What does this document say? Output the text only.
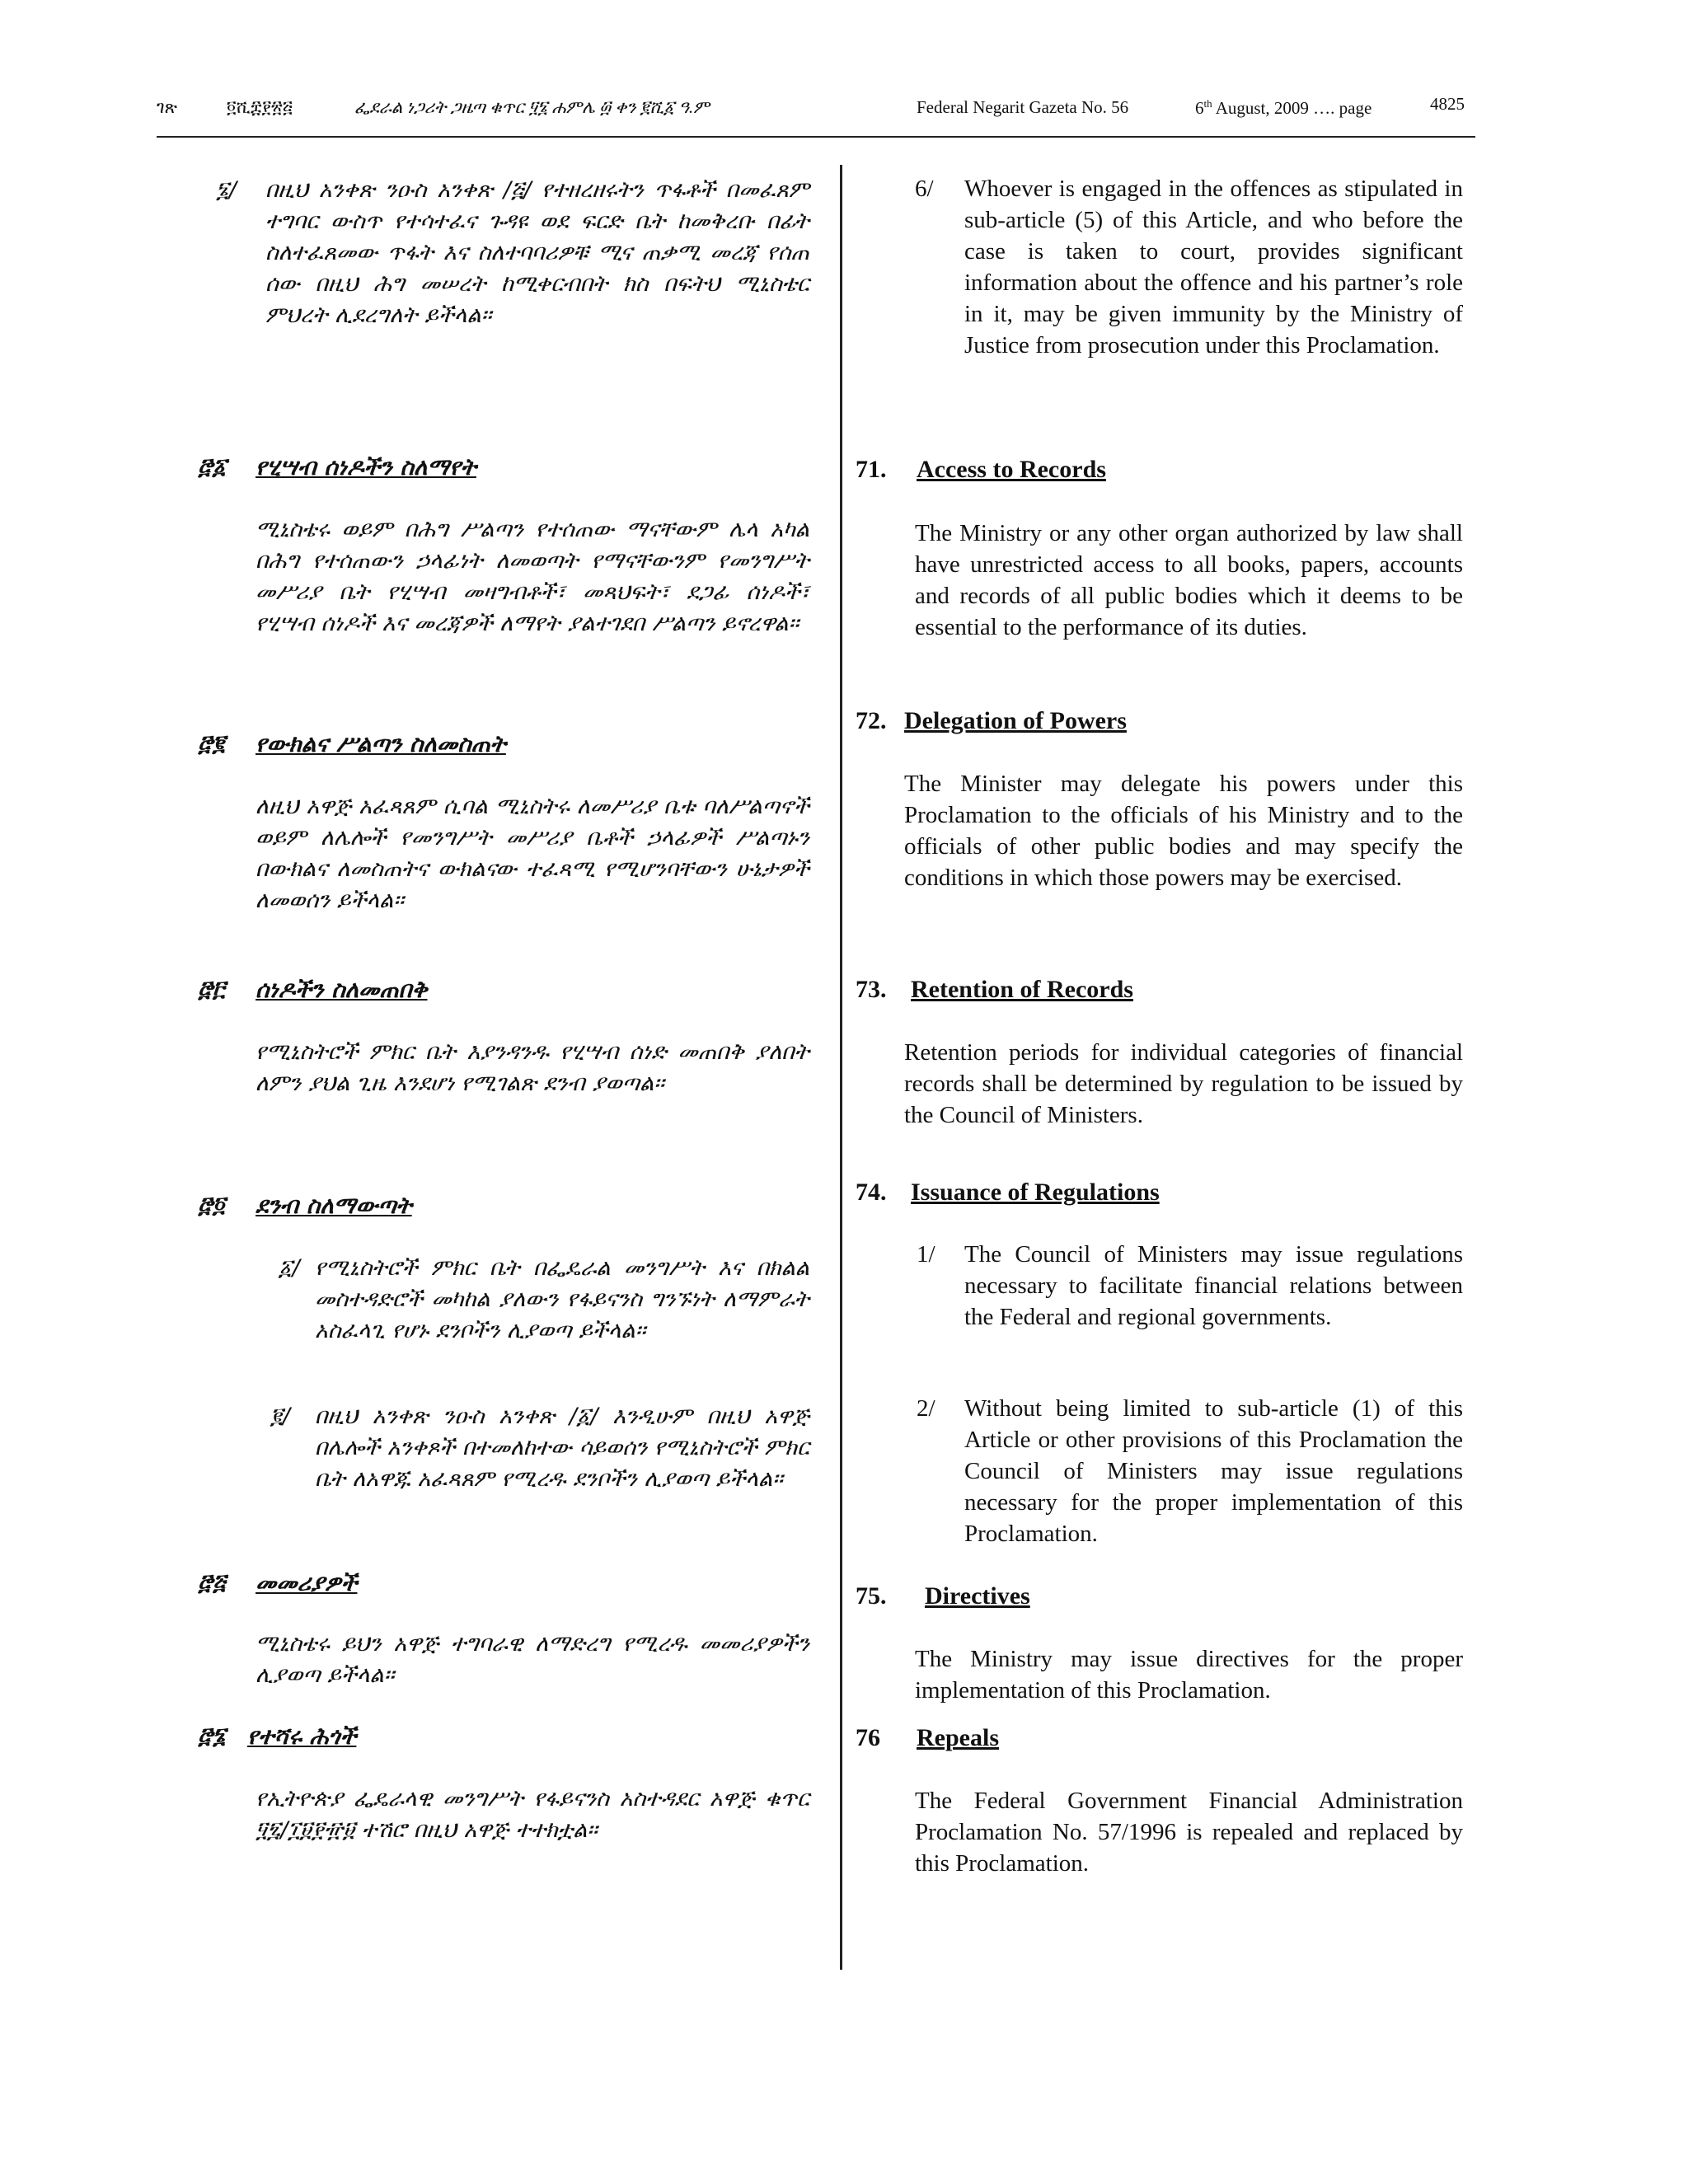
ገጽ	፬ሺ፰፻፳፭	ፌደራል ነጋሪት ጋዜጣ ቁጥር ፶፮ ሐምሌ ፴ ቀን ፪ሺ፩ ዓ.ም	Federal Negarit Gazeta No. 56	6th August, 2009 …. page	4825
፮/ በዚህ አንቀጽ ንዑስ አንቀጽ /፭/ የተዘረዘሩትን ጥፋቶች በመፈጸም ተግባር ውስጥ የተሳተፈና ጉዳዩ ወደ ፍርድ ቤት ከመቅረቡ በፊት ስለተፈጸመው ጥፋት እና ስለተባባሪዎቹ ሚና ጠቃሚ መረጃ የሰጠ ሰው በዚህ ሕግ መሠረት ከሚቀርብበት ክስ በፍትህ ሚኒስቴር ምህረት ሊደረግለት ይችላል፡፡
፸፩ የሂሣብ ሰነዶችን ስለማየት
ሚኒስቴሩ ወይም በሕግ ሥልጣን የተሰጠው ማናቸውም ሌላ አካል በሕግ የተሰጠውን ኃላፊነት ለመወጣት የማናቸውንም የመንግሥት መሥሪያ ቤት የሂሣብ መዛግብቶች፣ መጻህፍት፣ ደጋፊ ሰነዶች፣ የሂሣብ ሰነዶች እና መረጃዎች ለማየት ያልተገደበ ሥልጣን ይኖረዋል፡፡
፸፪ የውክልና ሥልጣን ስለመስጠት
ለዚህ አዋጅ አፈጻጸም ሲባል ሚኒስትሩ ለመሥሪያ ቤቱ ባለሥልጣኖች ወይም ለሌሎች የመንግሥት መሥሪያ ቤቶች ኃላፊዎች ሥልጣኑን በውክልና ለመስጠትና ውክልናው ተፈጻሚ የሚሆንባቸውን ሁኔታዎች ለመወሰን ይችላል፡፡
፸፫ ሰነዶችን ስለመጠበቅ
የሚኒስትሮች ምክር ቤት እያንዳንዱ የሂሣብ ሰነድ መጠበቅ ያለበት ለምን ያህል ጊዜ እንደሆነ የሚገልጽ ደንብ ያወጣል፡፡
፸፬ ደንብ ስለማውጣት
፩/ የሚኒስትሮች ምክር ቤት በፌዴራል መንግሥት እና በክልል መስተዳድሮች መካከል ያለውን የፋይናንስ ግንኙነት ለማምራት አስፈላጊ የሆኑ ደንቦችን ሊያወጣ ይችላል፡፡
፪/ በዚህ አንቀጽ ንዑስ አንቀጽ /፩/ እንዲሁም በዚህ አዋጅ በሌሎች አንቀጾች በተመለከተው ሳይወሰን የሚኒስትሮች ምክር ቤት ለአዋጁ አፈጻጸም የሚረዱ ደንቦችን ሊያወጣ ይችላል፡፡
፸፭ መመሪያዎች
ሚኒስቴሩ ይህን አዋጅ ተግባራዊ ለማድረግ የሚረዱ መመሪያዎችን ሊያወጣ ይችላል፡፡
፸፮ የተሻሩ ሕጎች
የኢትዮጵያ ፌዴራላዊ መንግሥት የፋይናንስ አስተዳደር አዋጅ ቁጥር ፶፯/፲፱፻፹፱ ተሽሮ በዚህ አዋጅ ተተክቷል፡፡
6/ Whoever is engaged in the offences as stipulated in sub-article (5) of this Article, and who before the case is taken to court, provides significant information about the offence and his partner’s role in it, may be given immunity by the Ministry of Justice from prosecution under this Proclamation.
71. Access to Records
The Ministry or any other organ authorized by law shall have unrestricted access to all books, papers, accounts and records of all public bodies which it deems to be essential to the performance of its duties.
72. Delegation of Powers
The Minister may delegate his powers under this Proclamation to the officials of his Ministry and to the officials of other public bodies and may specify the conditions in which those powers may be exercised.
73. Retention of Records
Retention periods for individual categories of financial records shall be determined by regulation to be issued by the Council of Ministers.
74. Issuance of Regulations
1/ The Council of Ministers may issue regulations necessary to facilitate financial relations between the Federal and regional governments.
2/ Without being limited to sub-article (1) of this Article or other provisions of this Proclamation the Council of Ministers may issue regulations necessary for the proper implementation of this Proclamation.
75. Directives
The Ministry may issue directives for the proper implementation of this Proclamation.
76 Repeals
The Federal Government Financial Administration Proclamation No. 57/1996 is repealed and replaced by this Proclamation.
